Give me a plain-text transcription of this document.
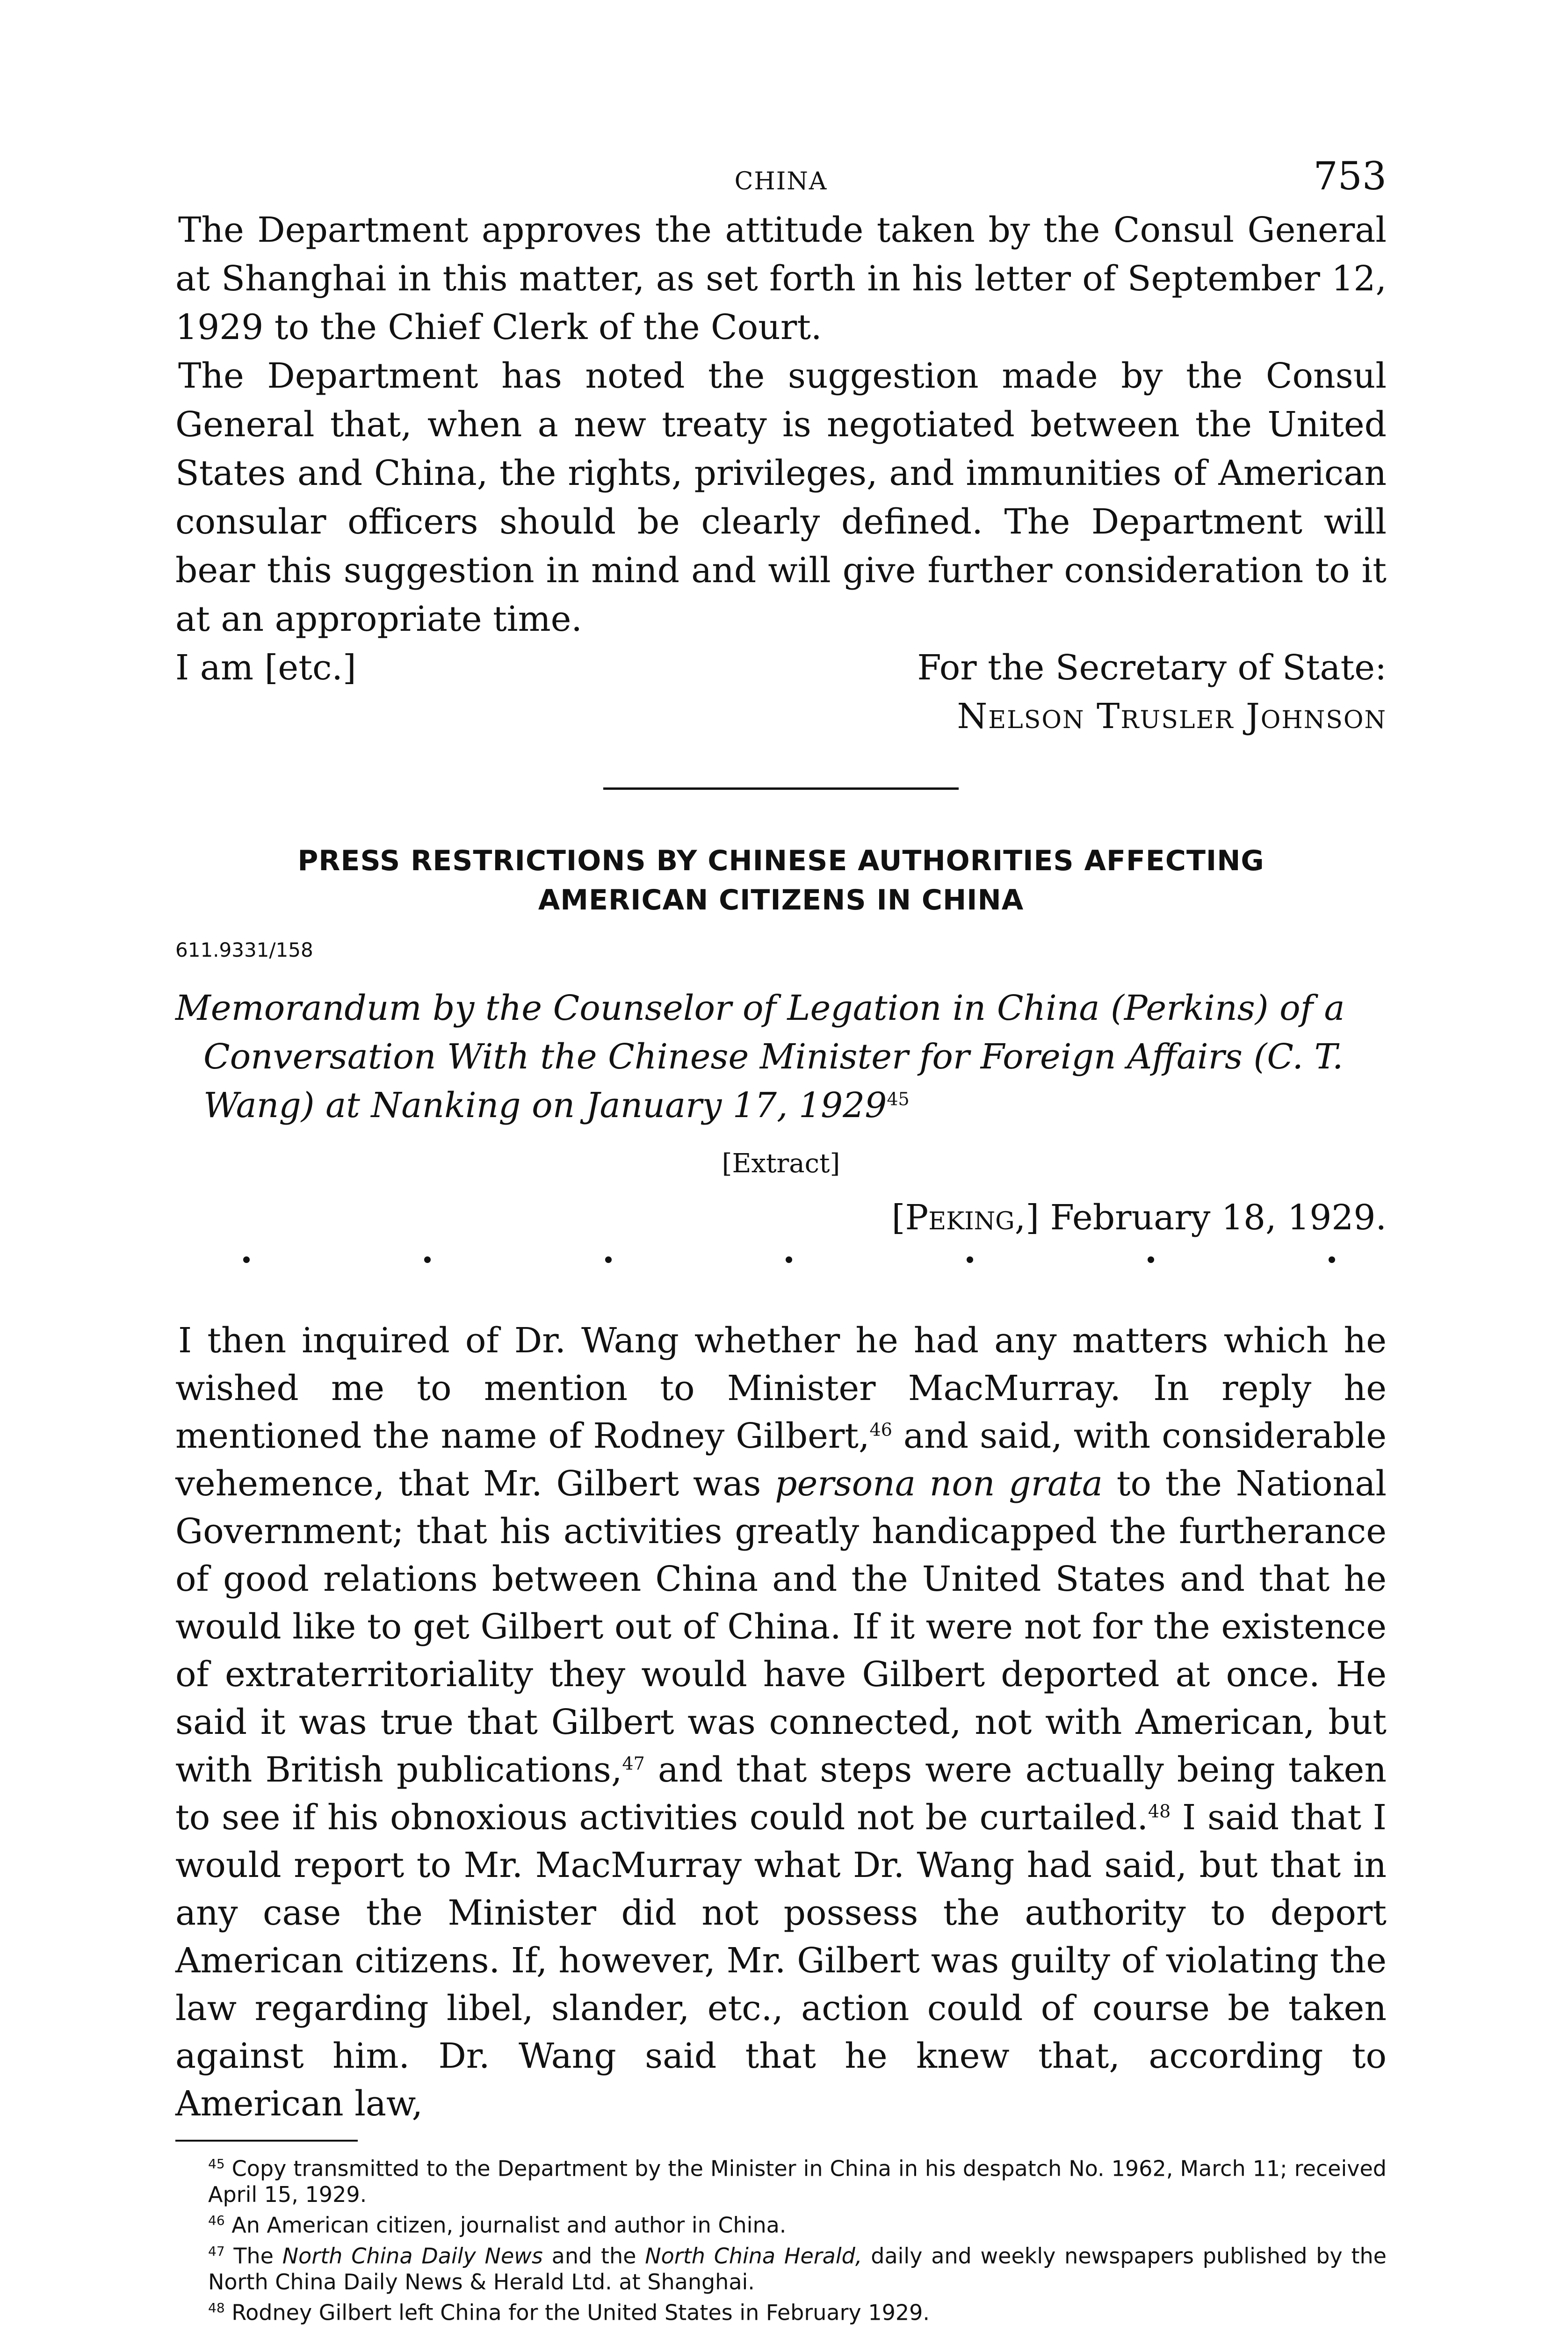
CHINA	753

The Department approves the attitude taken by the Consul General at Shanghai in this matter, as set forth in his letter of September 12, 1929 to the Chief Clerk of the Court.

The Department has noted the suggestion made by the Consul General that, when a new treaty is negotiated between the United States and China, the rights, privileges, and immunities of American consular officers should be clearly defined. The Department will bear this suggestion in mind and will give further consideration to it at an appropriate time.

I am [etc.]	For the Secretary of State:
Nelson Trusler Johnson

PRESS RESTRICTIONS BY CHINESE AUTHORITIES AFFECTING

AMERICAN CITIZENS IN CHINA

611.9331/158

Memorandum by the Counselor of Legation in China (Perkins) of a Conversation With the Chinese Minister for Foreign Affairs (C. T. Wang) at Nanking on January 17, 1929$^{45}$

[Extract]
[Peking,] February 18, 1929.

I then inquired of Dr. Wang whether he had any matters which he wished me to mention to Minister MacMurray. In reply he mentioned the name of Rodney Gilbert,$^{46}$ and said, with considerable vehemence, that Mr. Gilbert was persona non grata to the National Government; that his activities greatly handicapped the furtherance of good relations between China and the United States and that he would like to get Gilbert out of China. If it were not for the existence of extraterritoriality they would have Gilbert deported at once. He said it was true that Gilbert was connected, not with American, but with British publications,$^{47}$ and that steps were actually being taken to see if his obnoxious activities could not be curtailed.$^{48}$ I said that I would report to Mr. MacMurray what Dr. Wang had said, but that in any case the Minister did not possess the authority to deport American citizens. If, however, Mr. Gilbert was guilty of violating the law regarding libel, slander, etc., action could of course be taken against him. Dr. Wang said that he knew that, according to American law,

$^{45}$ Copy transmitted to the Department by the Minister in China in his despatch No. 1962, March 11; received April 15, 1929.

$^{46}$ An American citizen, journalist and author in China.

$^{47}$ The North China Daily News and the North China Herald, daily and weekly newspapers published by the North China Daily News & Herald Ltd. at Shanghai.

$^{48}$ Rodney Gilbert left China for the United States in February 1929.
